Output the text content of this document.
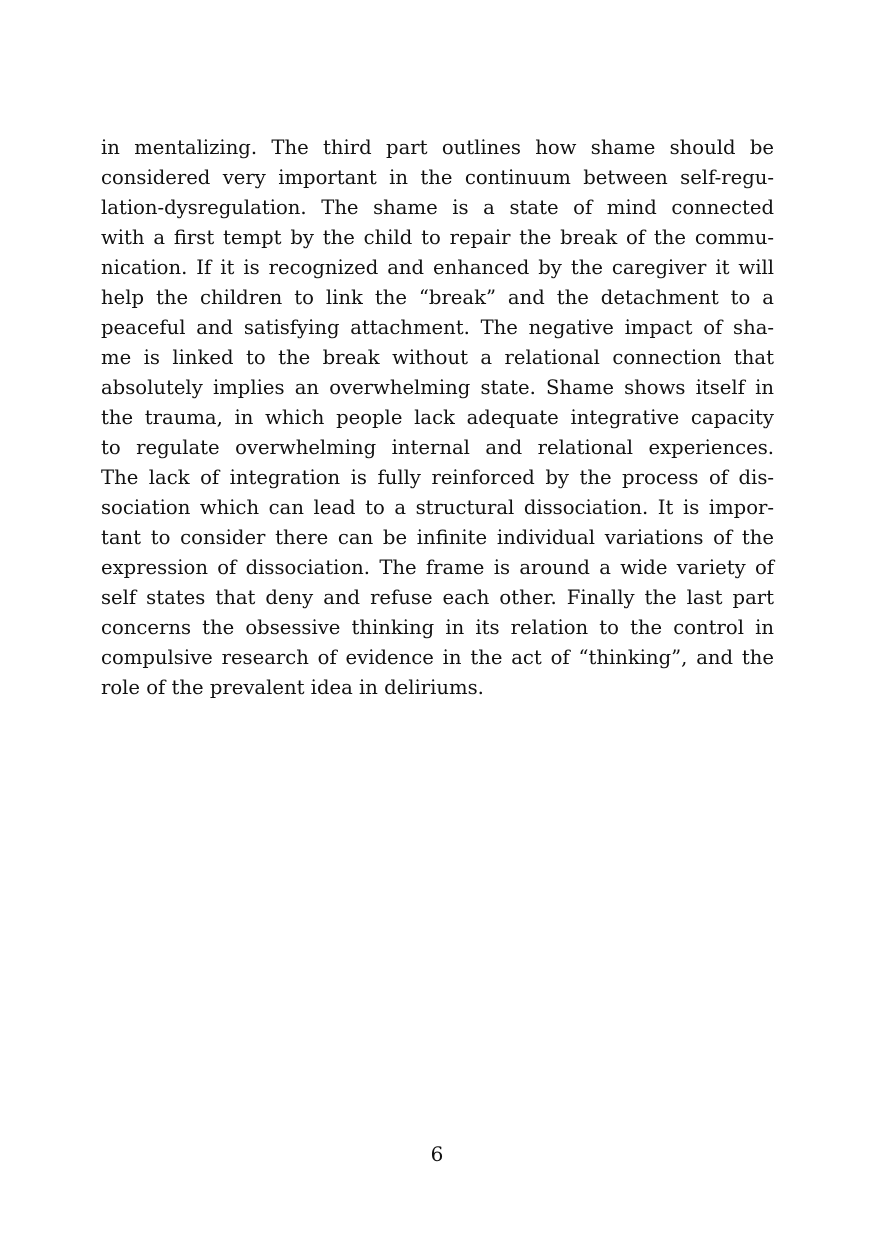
in mentalizing. The third part outlines how shame should be
considered very important in the continuum between self-regu-
lation-dysregulation. The shame is a state of mind connected
with a first tempt by the child to repair the break of the commu-
nication. If it is recognized and enhanced by the caregiver it will
help the children to link the “break” and the detachment to a
peaceful and satisfying attachment. The negative impact of sha-
me is linked to the break without a relational connection that
absolutely implies an overwhelming state. Shame shows itself in
the trauma, in which people lack adequate integrative capacity
to regulate overwhelming internal and relational experiences.
The lack of integration is fully reinforced by the process of dis-
sociation which can lead to a structural dissociation. It is impor-
tant to consider there can be infinite individual variations of the
expression of dissociation. The frame is around a wide variety of
self states that deny and refuse each other. Finally the last part
concerns the obsessive thinking in its relation to the control in
compulsive research of evidence in the act of “thinking”, and the
role of the prevalent idea in deliriums.
6
